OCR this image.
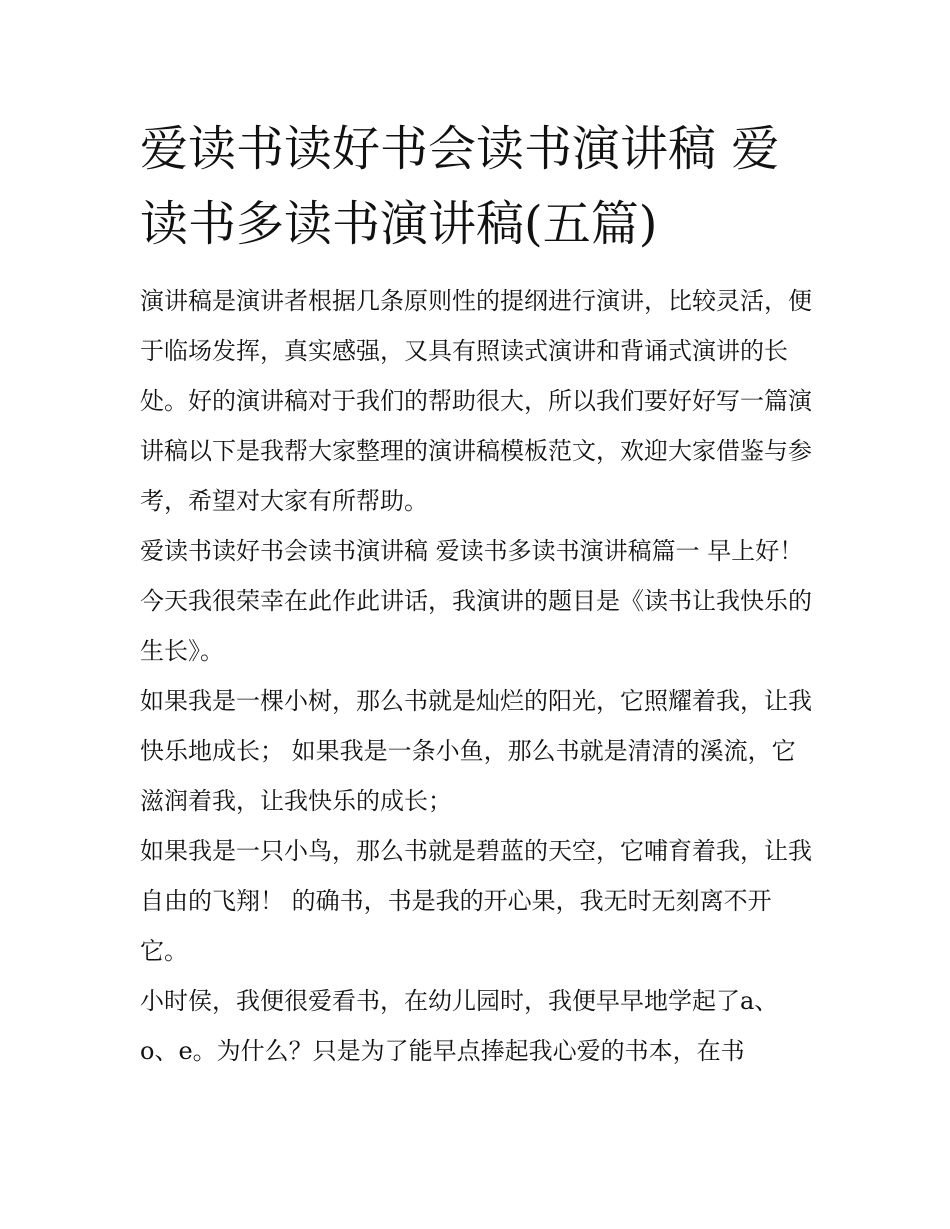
爱读书读好书会读书演讲稿 爱读书多读书演讲稿(五篇)

演讲稿是演讲者根据几条原则性的提纲进行演讲，比较灵活，便于临场发挥，真实感强，又具有照读式演讲和背诵式演讲的长处。好的演讲稿对于我们的帮助很大，所以我们要好好写一篇演讲稿以下是我帮大家整理的演讲稿模板范文，欢迎大家借鉴与参考，希望对大家有所帮助。

爱读书读好书会读书演讲稿 爱读书多读书演讲稿篇一 早上好！今天我很荣幸在此作此讲话，我演讲的题目是《读书让我快乐的生长》。

如果我是一棵小树，那么书就是灿烂的阳光，它照耀着我，让我快乐地成长； 如果我是一条小鱼，那么书就是清清的溪流，它滋润着我，让我快乐的成长；

如果我是一只小鸟，那么书就是碧蓝的天空，它哺育着我，让我自由的飞翔！ 的确书，书是我的开心果，我无时无刻离不开它。

小时侯，我便很爱看书，在幼儿园时，我便早早地学起了a、o、e。为什么？只是为了能早点捧起我心爱的书本，在书
